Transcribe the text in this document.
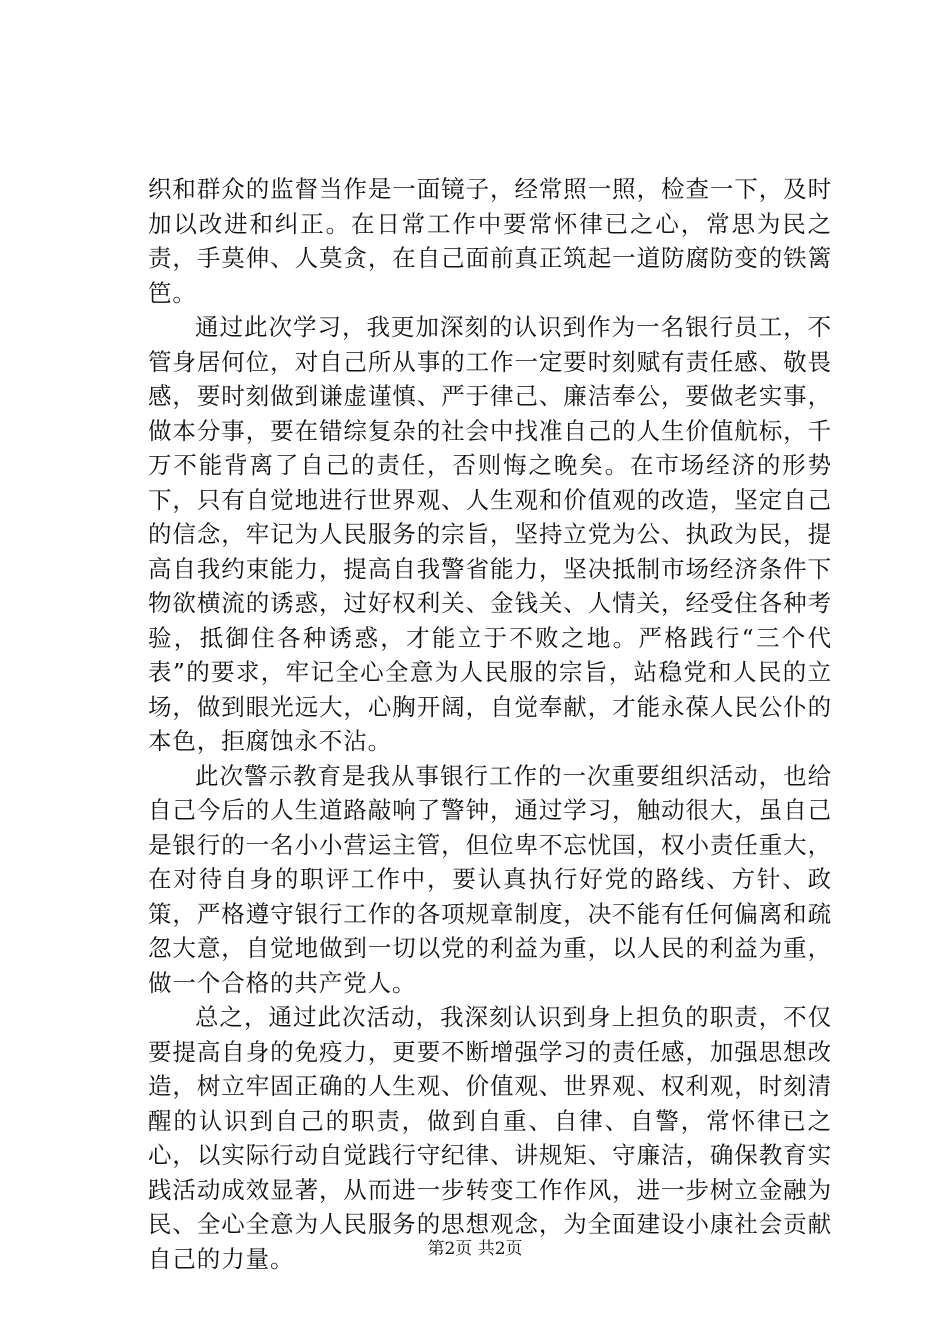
织和群众的监督当作是一面镜子，经常照一照，检查一下，及时加以改进和纠正。在日常工作中要常怀律已之心，常思为民之责，手莫伸、人莫贪，在自己面前真正筑起一道防腐防变的铁篱笆。

通过此次学习，我更加深刻的认识到作为一名银行员工，不管身居何位，对自己所从事的工作一定要时刻赋有责任感、敬畏感，要时刻做到谦虚谨慎、严于律己、廉洁奉公，要做老实事，做本分事，要在错综复杂的社会中找准自己的人生价值航标，千万不能背离了自己的责任，否则悔之晚矣。在市场经济的形势下，只有自觉地进行世界观、人生观和价值观的改造，坚定自己的信念，牢记为人民服务的宗旨，坚持立党为公、执政为民，提高自我约束能力，提高自我警省能力，坚决抵制市场经济条件下物欲横流的诱惑，过好权利关、金钱关、人情关，经受住各种考验，抵御住各种诱惑，才能立于不败之地。严格践行“三个代表”的要求，牢记全心全意为人民服的宗旨，站稳党和人民的立场，做到眼光远大，心胸开阔，自觉奉献，才能永葆人民公仆的本色，拒腐蚀永不沾。

此次警示教育是我从事银行工作的一次重要组织活动，也给自己今后的人生道路敲响了警钟，通过学习，触动很大，虽自己是银行的一名小小营运主管，但位卑不忘忧国，权小责任重大，在对待自身的职评工作中，要认真执行好党的路线、方针、政策，严格遵守银行工作的各项规章制度，决不能有任何偏离和疏忽大意，自觉地做到一切以党的利益为重，以人民的利益为重，做一个合格的共产党人。

总之，通过此次活动，我深刻认识到身上担负的职责，不仅要提高自身的免疫力，更要不断增强学习的责任感，加强思想改造，树立牢固正确的人生观、价值观、世界观、权利观，时刻清醒的认识到自己的职责，做到自重、自律、自警，常怀律已之心，以实际行动自觉践行守纪律、讲规矩、守廉洁，确保教育实践活动成效显著，从而进一步转变工作作风，进一步树立金融为民、全心全意为人民服务的思想观念，为全面建设小康社会贡献自己的力量。	第2页 共2页
